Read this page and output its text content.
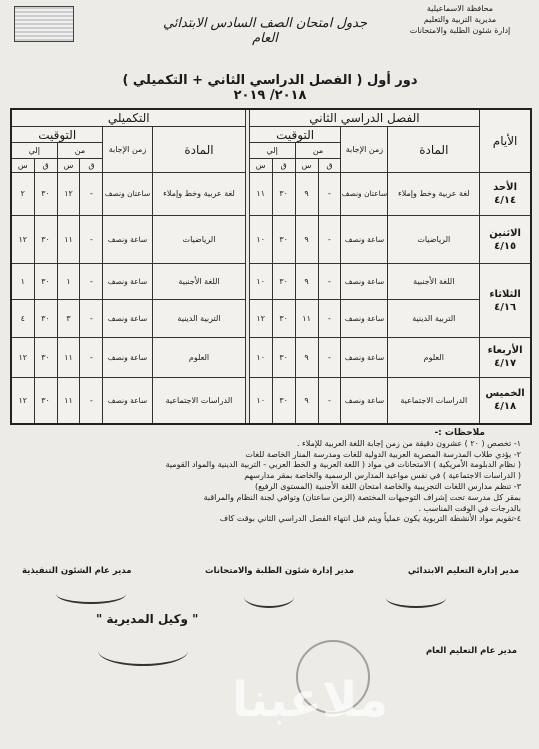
محافظة الاسماعيلية
مديرية التربية والتعليم
إدارة شئون الطلبة والامتحانات
جدول امتحان الصف السادس الابتدائي العام
دور أول ( الفصل الدراسي الثاني + التكميلي ) ٢٠١٨/ ٢٠١٩
الأيام	الفصل الدراسي الثاني							التكميلي					
	المادة	زمن الإجابة	التوقيت					المادة	زمن الإجابة	التوقيت			
			من		إلي					من		إلي	
			ق	س	ق	س				ق	س	ق	س

الأحد
٤/١٤	لغة عربية وخط وإملاء	ساعتان ونصف	-	٩	٣٠	١١		لغة عربية وخط وإملاء	ساعتان ونصف	-	١٢	٣٠	٢

الاثنين
٤/١٥	الرياضيات	ساعة ونصف	-	٩	٣٠	١٠		الرياضيات	ساعة ونصف	-	١١	٣٠	١٢

الثلاثاء
٤/١٦	اللغة الأجنبية	ساعة ونصف	-	٩	٣٠	١٠		اللغة الأجنبية	ساعة ونصف	-	١	٣٠	١
	التربية الدينية	ساعة ونصف	-	١١	٣٠	١٢		التربية الدينية	ساعة ونصف	-	٣	٣٠	٤

الأربعاء
٤/١٧	العلوم	ساعة ونصف	-	٩	٣٠	١٠		العلوم	ساعة ونصف	-	١١	٣٠	١٢

الخميس
٤/١٨	الدراسات الاجتماعية	ساعة ونصف	-	٩	٣٠	١٠		الدراسات الاجتماعية	ساعة ونصف	-	١١	٣٠	١٢
ملاحظات :-
١- تخصص ( ٢٠ ) عشرون دقيقة من زمن إجابة اللغة العربية للإملاء .
٢- يؤدي طلاب المدرسة المصرية العربية الدولية للغات ومدرسة المنار الخاصة للغات
( نظام الدبلومة الأمريكية ) الامتحانات في مواد ( اللغة العربية و الخط العربي - التربية الدينية والمواد القومية
( الدراسات الاجتماعية ) في نفس مواعيد المدارس الرسمية والخاصة بمقر مدارسهم
٣- تنظم مدارس اللغات التجريبية والخاصة امتحان اللغة الأجنبية (المستوى الرفيع)
بمقر كل مدرسة تحت إشراف التوجيهات المختصة (الزمن ساعتان) وتوافي لجنة النظام والمراقبة
بالدرجات في الوقت المناسب .
٤-تقويم مواد الأنشطة التربوية يكون عملياً ويتم قبل انتهاء الفصل الدراسي الثاني بوقت كاف
مدير إدارة التعليم الابتدائي
مدير إدارة شئون الطلبة والامتحانات
مدير عام الشئون التنفيذية
مدير عام التعليم العام
" وكيل المديرية "
ملاعبنا
